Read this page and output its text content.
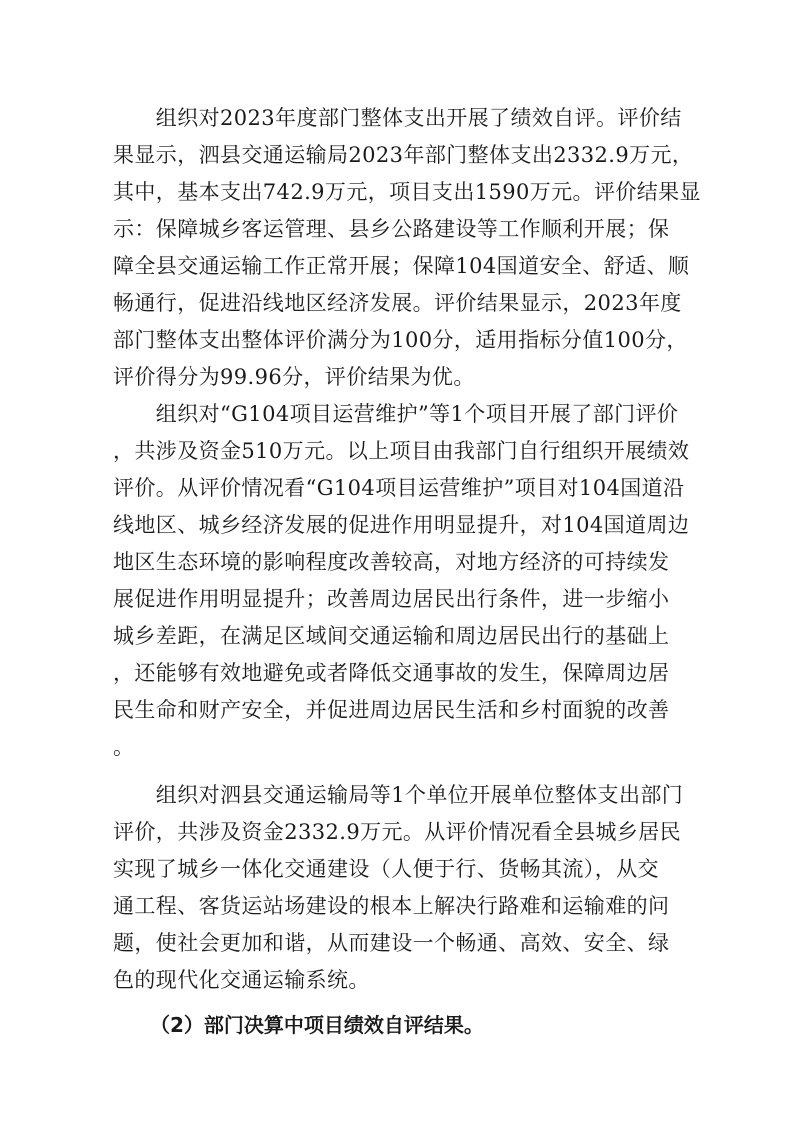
　　组织对2023年度部门整体支出开展了绩效自评。评价结
果显示，泗县交通运输局2023年部门整体支出2332.9万元，
其中，基本支出742.9万元，项目支出1590万元。评价结果显
示：保障城乡客运管理、县乡公路建设等工作顺利开展；保
障全县交通运输工作正常开展；保障104国道安全、舒适、顺
畅通行，促进沿线地区经济发展。评价结果显示，2023年度
部门整体支出整体评价满分为100分，适用指标分值100分，
评价得分为99.96分，评价结果为优。
　　组织对“G104项目运营维护”等1个项目开展了部门评价
，共涉及资金510万元。以上项目由我部门自行组织开展绩效
评价。从评价情况看“G104项目运营维护”项目对104国道沿
线地区、城乡经济发展的促进作用明显提升，对104国道周边
地区生态环境的影响程度改善较高，对地方经济的可持续发
展促进作用明显提升；改善周边居民出行条件，进一步缩小
城乡差距，在满足区域间交通运输和周边居民出行的基础上
，还能够有效地避免或者降低交通事故的发生，保障周边居
民生命和财产安全，并促进周边居民生活和乡村面貌的改善
。
　　组织对泗县交通运输局等1个单位开展单位整体支出部门
评价，共涉及资金2332.9万元。从评价情况看全县城乡居民
实现了城乡一体化交通建设（人便于行、货畅其流），从交
通工程、客货运站场建设的根本上解决行路难和运输难的问
题，使社会更加和谐，从而建设一个畅通、高效、安全、绿
色的现代化交通运输系统。
（2）部门决算中项目绩效自评结果。
